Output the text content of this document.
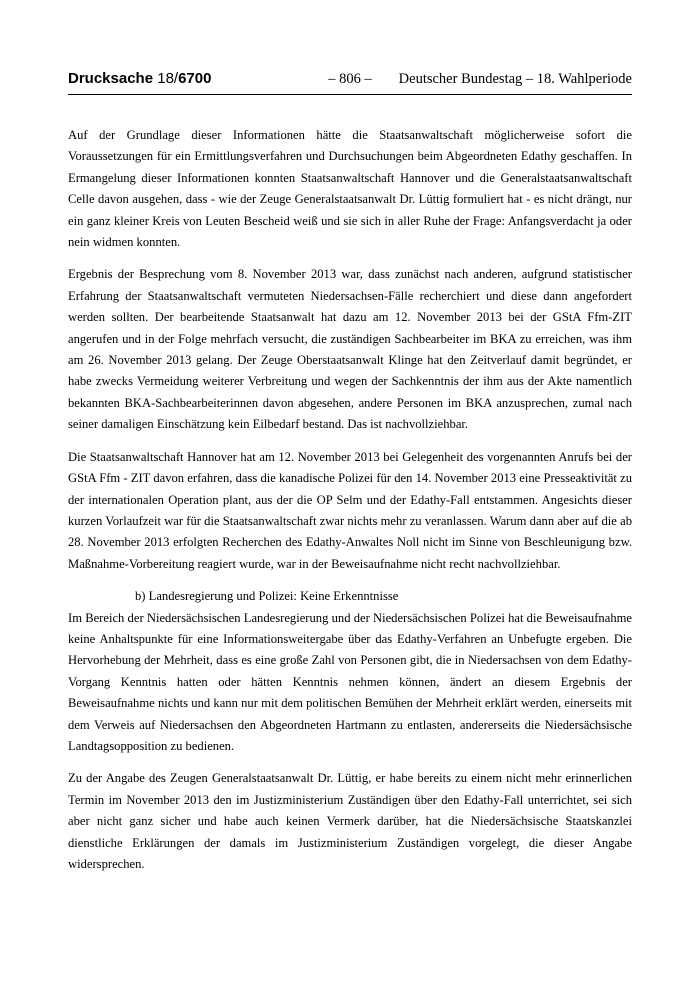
Drucksache 18/6700	– 806 – Deutscher Bundestag – 18. Wahlperiode

Auf der Grundlage dieser Informationen hätte die Staatsanwaltschaft möglicherweise sofort die Voraussetzungen für ein Ermittlungsverfahren und Durchsuchungen beim Abgeordneten Edathy geschaffen. In Ermangelung dieser Informationen konnten Staatsanwaltschaft Hannover und die Generalstaatsanwaltschaft Celle davon ausgehen, dass - wie der Zeuge Generalstaatsanwalt Dr. Lüttig formuliert hat - es nicht drängt, nur ein ganz kleiner Kreis von Leuten Bescheid weiß und sie sich in aller Ruhe der Frage: Anfangsverdacht ja oder nein widmen konnten.

Ergebnis der Besprechung vom 8. November 2013 war, dass zunächst nach anderen, aufgrund statistischer Erfahrung der Staatsanwaltschaft vermuteten Niedersachsen-Fälle recherchiert und diese dann angefordert werden sollten. Der bearbeitende Staatsanwalt hat dazu am 12. November 2013 bei der GStA Ffm-ZIT angerufen und in der Folge mehrfach versucht, die zuständigen Sachbearbeiter im BKA zu erreichen, was ihm am 26. November 2013 gelang. Der Zeuge Oberstaatsanwalt Klinge hat den Zeitverlauf damit begründet, er habe zwecks Vermeidung weiterer Verbreitung und wegen der Sachkenntnis der ihm aus der Akte namentlich bekannten BKA-Sachbearbeiterinnen davon abgesehen, andere Personen im BKA anzusprechen, zumal nach seiner damaligen Einschätzung kein Eilbedarf bestand. Das ist nachvollziehbar.

Die Staatsanwaltschaft Hannover hat am 12. November 2013 bei Gelegenheit des vorgenannten Anrufs bei der GStA Ffm - ZIT davon erfahren, dass die kanadische Polizei für den 14. November 2013 eine Presseaktivität zu der internationalen Operation plant, aus der die OP Selm und der Edathy-Fall entstammen. Angesichts dieser kurzen Vorlaufzeit war für die Staatsanwaltschaft zwar nichts mehr zu veranlassen. Warum dann aber auf die ab 28. November 2013 erfolgten Recherchen des Edathy-Anwaltes Noll nicht im Sinne von Beschleunigung bzw. Maßnahme-Vorbereitung reagiert wurde, war in der Beweisaufnahme nicht recht nachvollziehbar.

b) Landesregierung und Polizei: Keine Erkenntnisse

Im Bereich der Niedersächsischen Landesregierung und der Niedersächsischen Polizei hat die Beweisaufnahme keine Anhaltspunkte für eine Informationsweitergabe über das Edathy-Verfahren an Unbefugte ergeben. Die Hervorhebung der Mehrheit, dass es eine große Zahl von Personen gibt, die in Niedersachsen von dem Edathy-Vorgang Kenntnis hatten oder hätten Kenntnis nehmen können, ändert an diesem Ergebnis der Beweisaufnahme nichts und kann nur mit dem politischen Bemühen der Mehrheit erklärt werden, einerseits mit dem Verweis auf Niedersachsen den Abgeordneten Hartmann zu entlasten, andererseits die Niedersächsische Landtagsopposition zu bedienen.

Zu der Angabe des Zeugen Generalstaatsanwalt Dr. Lüttig, er habe bereits zu einem nicht mehr erinnerlichen Termin im November 2013 den im Justizministerium Zuständigen über den Edathy-Fall unterrichtet, sei sich aber nicht ganz sicher und habe auch keinen Vermerk darüber, hat die Niedersächsische Staatskanzlei dienstliche Erklärungen der damals im Justizministerium Zuständigen vorgelegt, die dieser Angabe widersprechen.
